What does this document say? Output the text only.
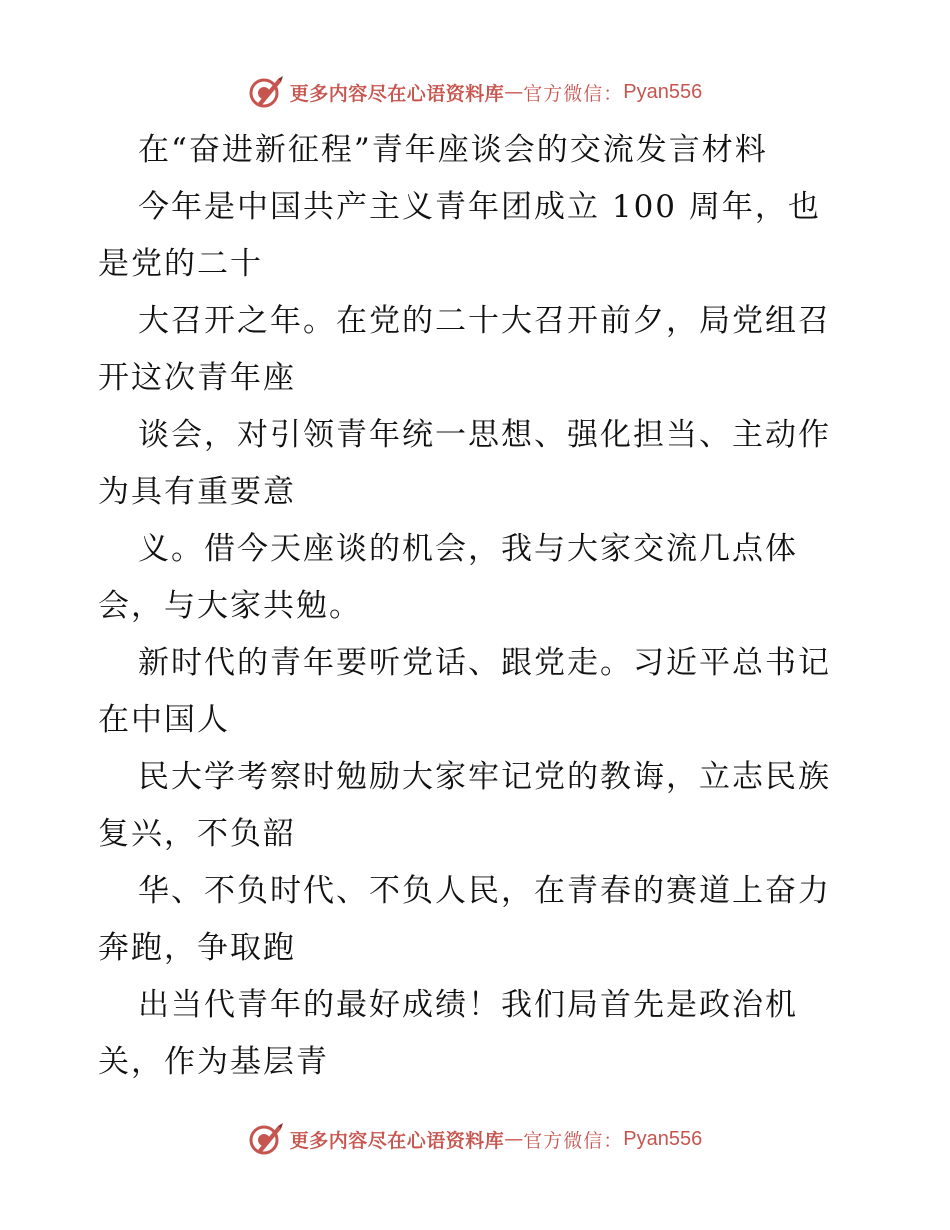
更多内容尽在心语资料库 — 官方微信： Pyan556
在“奋进新征程”青年座谈会的交流发言材料
今年是中国共产主义青年团成立 100 周年，也
是党的二十
大召开之年。在党的二十大召开前夕，局党组召
开这次青年座
谈会，对引领青年统一思想、强化担当、主动作
为具有重要意
义。借今天座谈的机会，我与大家交流几点体
会，与大家共勉。
新时代的青年要听党话、跟党走。习近平总书记
在中国人
民大学考察时勉励大家牢记党的教诲，立志民族
复兴，不负韶
华、不负时代、不负人民，在青春的赛道上奋力
奔跑，争取跑
出当代青年的最好成绩！我们局首先是政治机
关，作为基层青
更多内容尽在心语资料库 — 官方微信： Pyan556
